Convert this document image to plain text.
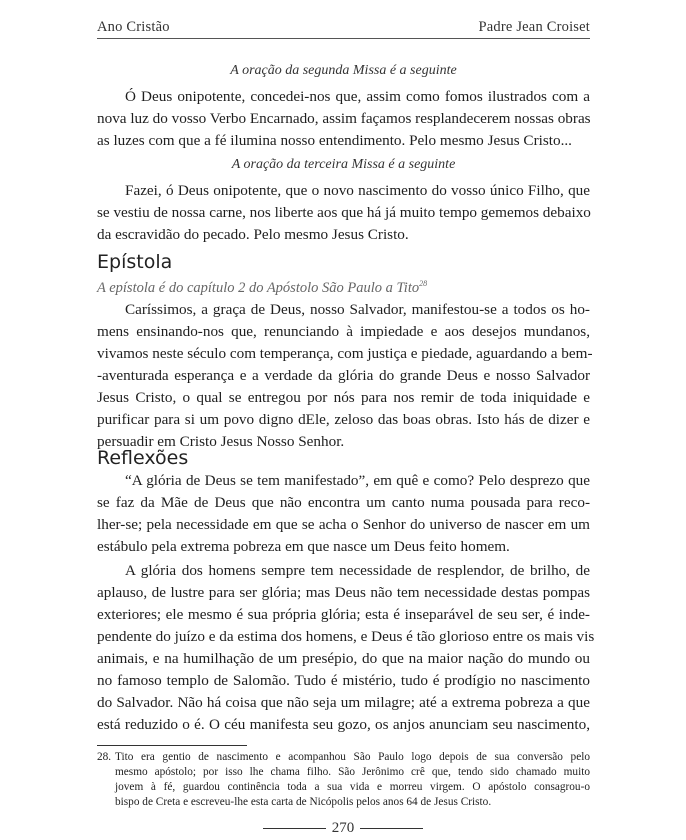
Ano Cristão	Padre Jean Croiset
A oração da segunda Missa é a seguinte
Ó Deus onipotente, concedei-nos que, assim como fomos ilustrados com a
nova luz do vosso Verbo Encarnado, assim façamos resplandecerem nossas obras
as luzes com que a fé ilumina nosso entendimento. Pelo mesmo Jesus Cristo...
A oração da terceira Missa é a seguinte
Fazei, ó Deus onipotente, que o novo nascimento do vosso único Filho, que
se vestiu de nossa carne, nos liberte aos que há já muito tempo gememos debaixo
da escravidão do pecado. Pelo mesmo Jesus Cristo.
Epístola
A epístola é do capítulo 2 do Apóstolo São Paulo a Tito$^{28}$
Caríssimos, a graça de Deus, nosso Salvador, manifestou-se a todos os ho-
mens ensinando-nos que, renunciando à impiedade e aos desejos mundanos,
vivamos neste século com temperança, com justiça e piedade, aguardando a bem-
-aventurada esperança e a verdade da glória do grande Deus e nosso Salvador
Jesus Cristo, o qual se entregou por nós para nos remir de toda iniquidade e
purificar para si um povo digno dEle, zeloso das boas obras. Isto hás de dizer e
persuadir em Cristo Jesus Nosso Senhor.
Reflexões
“A glória de Deus se tem manifestado”, em quê e como? Pelo desprezo que
se faz da Mãe de Deus que não encontra um canto numa pousada para reco-
lher-se; pela necessidade em que se acha o Senhor do universo de nascer em um
estábulo pela extrema pobreza em que nasce um Deus feito homem.
A glória dos homens sempre tem necessidade de resplendor, de brilho, de
aplauso, de lustre para ser glória; mas Deus não tem necessidade destas pompas
exteriores; ele mesmo é sua própria glória; esta é inseparável de seu ser, é inde-
pendente do juízo e da estima dos homens, e Deus é tão glorioso entre os mais vis
animais, e na humilhação de um presépio, do que na maior nação do mundo ou
no famoso templo de Salomão. Tudo é mistério, tudo é prodígio no nascimento
do Salvador. Não há coisa que não seja um milagre; até a extrema pobreza a que
está reduzido o é. O céu manifesta seu gozo, os anjos anunciam seu nascimento,
28. Tito era gentio de nascimento e acompanhou São Paulo logo depois de sua conversão pelo
mesmo apóstolo; por isso lhe chama filho. São Jerônimo crê que, tendo sido chamado muito
jovem à fé, guardou continência toda a sua vida e morreu virgem. O apóstolo consagrou-o
bispo de Creta e escreveu-lhe esta carta de Nicópolis pelos anos 64 de Jesus Cristo.
270
